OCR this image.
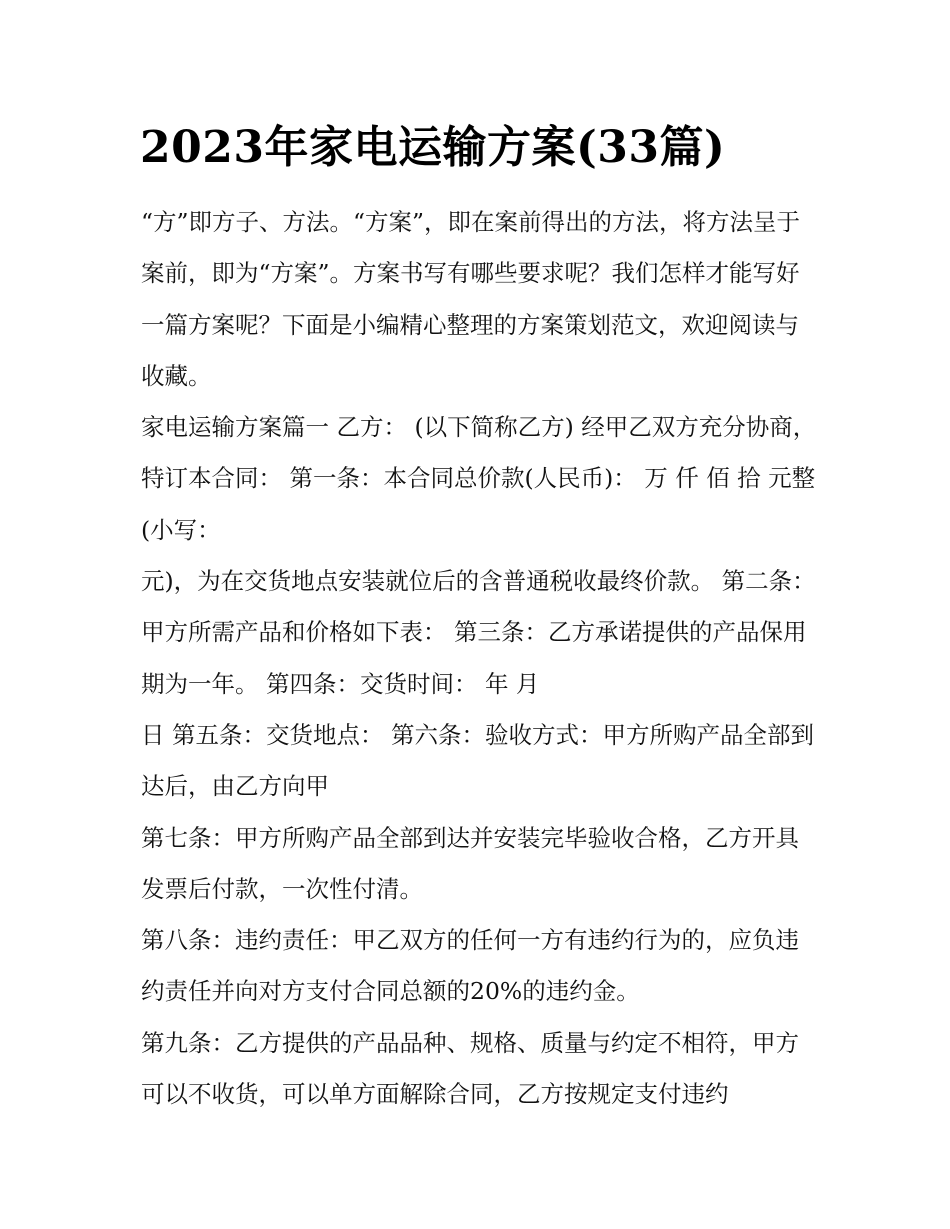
2023年家电运输方案(33篇)

“方”即方子、方法。“方案”，即在案前得出的方法，将方法呈于案前，即为“方案”。方案书写有哪些要求呢？我们怎样才能写好一篇方案呢？下面是小编精心整理的方案策划范文，欢迎阅读与收藏。

家电运输方案篇一 乙方： (以下简称乙方) 经甲乙双方充分协商，特订本合同： 第一条：本合同总价款(人民币)： 万 仟 佰 拾 元整(小写：

元)，为在交货地点安装就位后的含普通税收最终价款。 第二条：甲方所需产品和价格如下表： 第三条：乙方承诺提供的产品保用期为一年。 第四条：交货时间： 年 月

日 第五条：交货地点： 第六条：验收方式：甲方所购产品全部到达后，由乙方向甲

第七条：甲方所购产品全部到达并安装完毕验收合格，乙方开具发票后付款，一次性付清。

第八条：违约责任：甲乙双方的任何一方有违约行为的，应负违约责任并向对方支付合同总额的20%的违约金。

第九条：乙方提供的产品品种、规格、质量与约定不相符，甲方可以不收货，可以单方面解除合同，乙方按规定支付违约
